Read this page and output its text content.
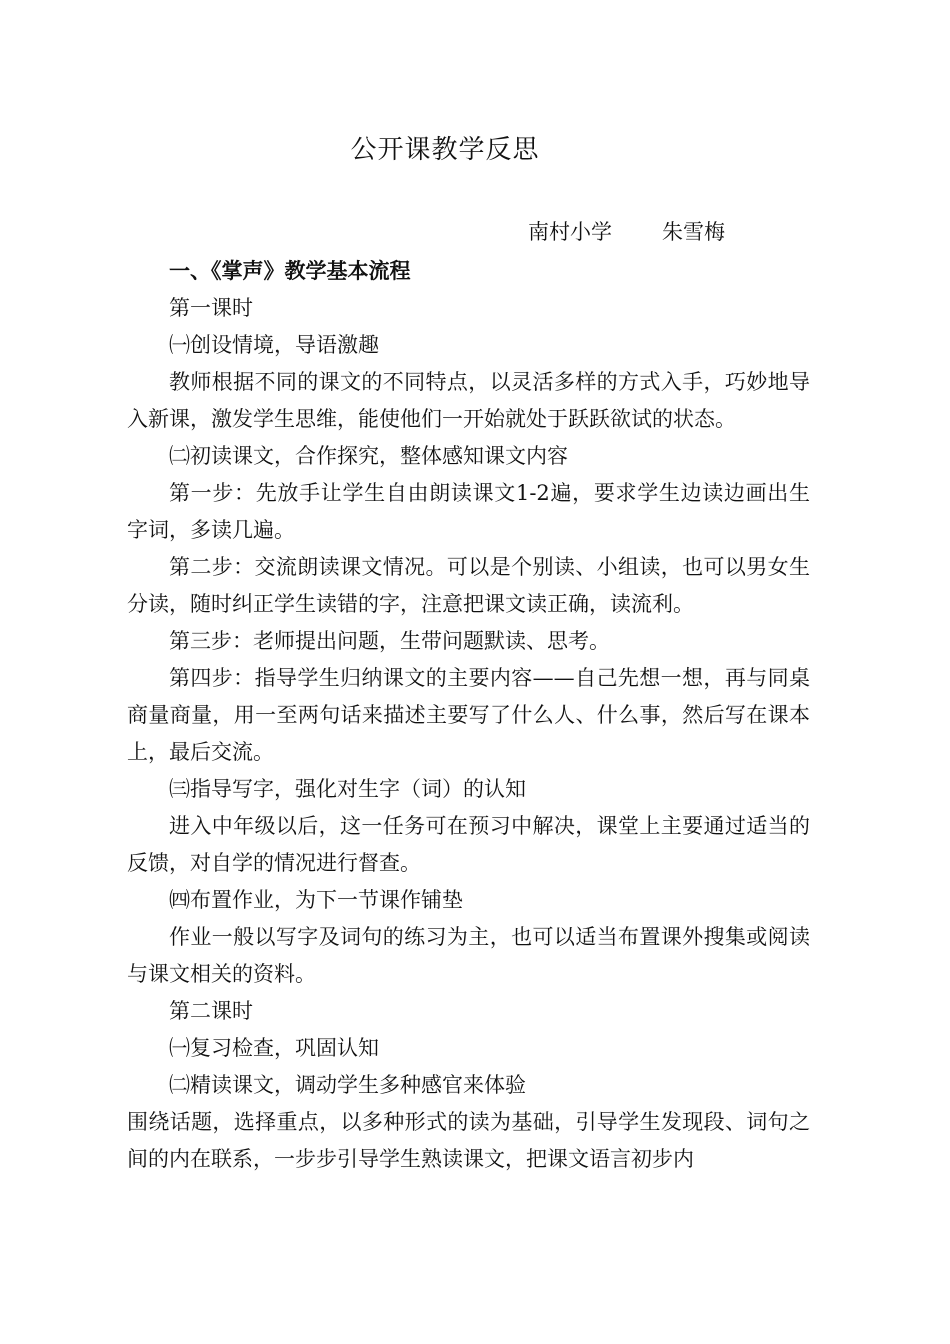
公开课教学反思
南村小学 朱雪梅

一、《掌声》教学基本流程

第一课时

㈠创设情境，导语激趣

教师根据不同的课文的不同特点，以灵活多样的方式入手，巧妙地导入新课，激发学生思维，能使他们一开始就处于跃跃欲试的状态。

㈡初读课文，合作探究，整体感知课文内容

第一步：先放手让学生自由朗读课文1-2遍，要求学生边读边画出生字词，多读几遍。

第二步：交流朗读课文情况。可以是个别读、小组读，也可以男女生分读，随时纠正学生读错的字，注意把课文读正确，读流利。

第三步：老师提出问题，生带问题默读、思考。

第四步：指导学生归纳课文的主要内容——自己先想一想，再与同桌商量商量，用一至两句话来描述主要写了什么人、什么事，然后写在课本上，最后交流。

㈢指导写字，强化对生字（词）的认知

进入中年级以后，这一任务可在预习中解决，课堂上主要通过适当的反馈，对自学的情况进行督查。

㈣布置作业，为下一节课作铺垫

作业一般以写字及词句的练习为主，也可以适当布置课外搜集或阅读与课文相关的资料。

第二课时

㈠复习检查，巩固认知

㈡精读课文，调动学生多种感官来体验

围绕话题，选择重点，以多种形式的读为基础，引导学生发现段、词句之间的内在联系，一步步引导学生熟读课文，把课文语言初步内
